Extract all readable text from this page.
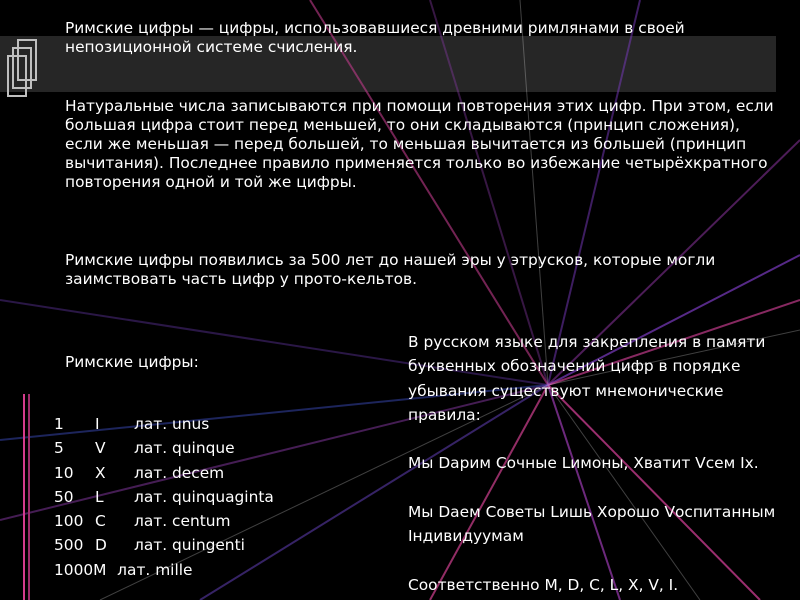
Римские цифры — цифры, использовавшиеся древними римлянами в своей непозиционной системе счисления.

Натуральные числа записываются при помощи повторения этих цифр. При этом, если большая цифра стоит перед меньшей, то они складываются (принцип сложения), если же меньшая — перед большей, то меньшая вычитается из большей (принцип вычитания). Последнее правило применяется только во избежание четырёхкратного повторения одной и той же цифры.

Римские цифры появились за 500 лет до нашей эры у этрусков, которые могли заимствовать часть цифр у прото-кельтов.

Римские цифры:

1	I	лат. unus
5	V	лат. quinque
10	X	лат. decem
50	L	лат. quinquaginta
100 C	лат. centum
500 D	лат. quingenti
1000 M лат. mille

В русском языке для закрепления в памяти буквенных обозначений цифр в порядке убывания существуют мнемонические правила:

Мы Dарим Сочные Lимоны, Хватит Vсем Iх.

Мы Dаем Советы Lишь Хорошо Vоспитанным Iндивидуумам

Соответственно M, D, C, L, X, V, I.
